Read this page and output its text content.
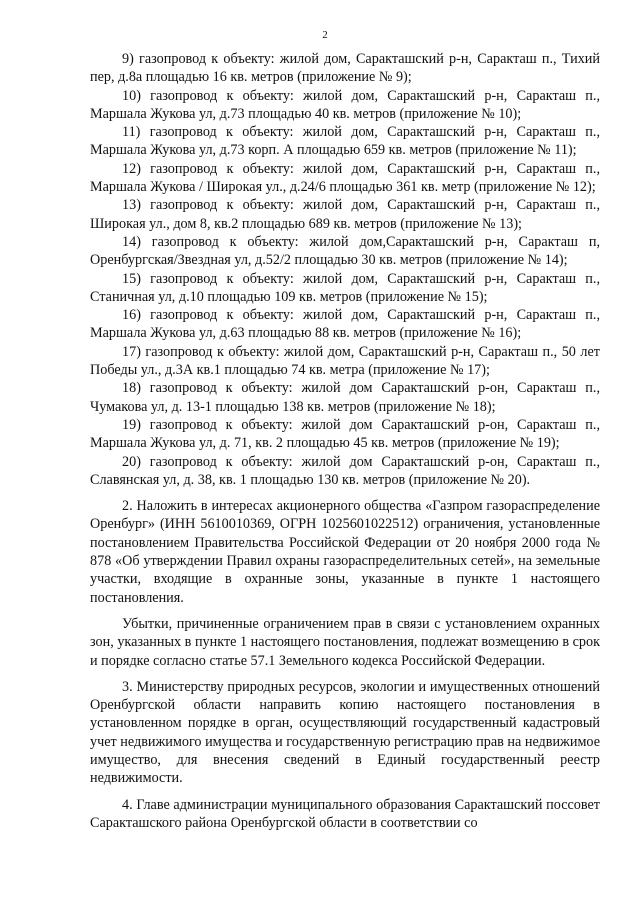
2

9) газопровод к объекту: жилой дом, Саракташский р-н, Саракташ п., Тихий пер, д.8а площадью 16 кв. метров (приложение № 9);

10) газопровод к объекту: жилой дом, Саракташский р-н, Саракташ п., Маршала Жукова ул, д.73 площадью 40 кв. метров (приложение № 10);

11) газопровод к объекту: жилой дом, Саракташский р-н, Саракташ п., Маршала Жукова ул, д.73 корп. А площадью 659 кв. метров (приложение № 11);

12) газопровод к объекту: жилой дом, Саракташский р-н, Саракташ п., Маршала Жукова / Широкая ул., д.24/6 площадью 361 кв. метр (приложение № 12);

13) газопровод к объекту: жилой дом, Саракташский р-н, Саракташ п., Широкая ул., дом 8, кв.2 площадью 689 кв. метров (приложение № 13);

14) газопровод к объекту: жилой дом,Саракташский р-н, Саракташ п, Оренбургская/Звездная ул, д.52/2 площадью 30 кв. метров (приложение № 14);

15) газопровод к объекту: жилой дом, Саракташский р-н, Саракташ п., Станичная ул, д.10 площадью 109 кв. метров (приложение № 15);

16) газопровод к объекту: жилой дом, Саракташский р-н, Саракташ п., Маршала Жукова ул, д.63 площадью 88 кв. метров (приложение № 16);

17) газопровод к объекту: жилой дом, Саракташский р-н, Саракташ п., 50 лет Победы ул., д.3А кв.1 площадью 74 кв. метра (приложение № 17);

18) газопровод к объекту: жилой дом Саракташский р-он, Саракташ п., Чумакова ул, д. 13-1 площадью 138 кв. метров (приложение № 18);

19) газопровод к объекту: жилой дом Саракташский р-он, Саракташ п., Маршала Жукова ул, д. 71, кв. 2 площадью 45 кв. метров (приложение № 19);

20) газопровод к объекту: жилой дом Саракташский р-он, Саракташ п., Славянская ул, д. 38, кв. 1 площадью 130 кв. метров (приложение № 20).

2. Наложить в интересах акционерного общества «Газпром газораспределение Оренбург» (ИНН 5610010369, ОГРН 1025601022512) ограничения, установленные постановлением Правительства Российской Федерации от 20 ноября 2000 года № 878 «Об утверждении Правил охраны газораспределительных сетей», на земельные участки, входящие в охранные зоны, указанные в пункте 1 настоящего постановления.

Убытки, причиненные ограничением прав в связи с установлением охранных зон, указанных в пункте 1 настоящего постановления, подлежат возмещению в срок и порядке согласно статье 57.1 Земельного кодекса Российской Федерации.

3. Министерству природных ресурсов, экологии и имущественных отношений Оренбургской области направить копию настоящего постановления в установленном порядке в орган, осуществляющий государственный кадастровый учет недвижимого имущества и государственную регистрацию прав на недвижимое имущество, для внесения сведений в Единый государственный реестр недвижимости.

4. Главе администрации муниципального образования Саракташский поссовет Саракташского района Оренбургской области в соответствии со
